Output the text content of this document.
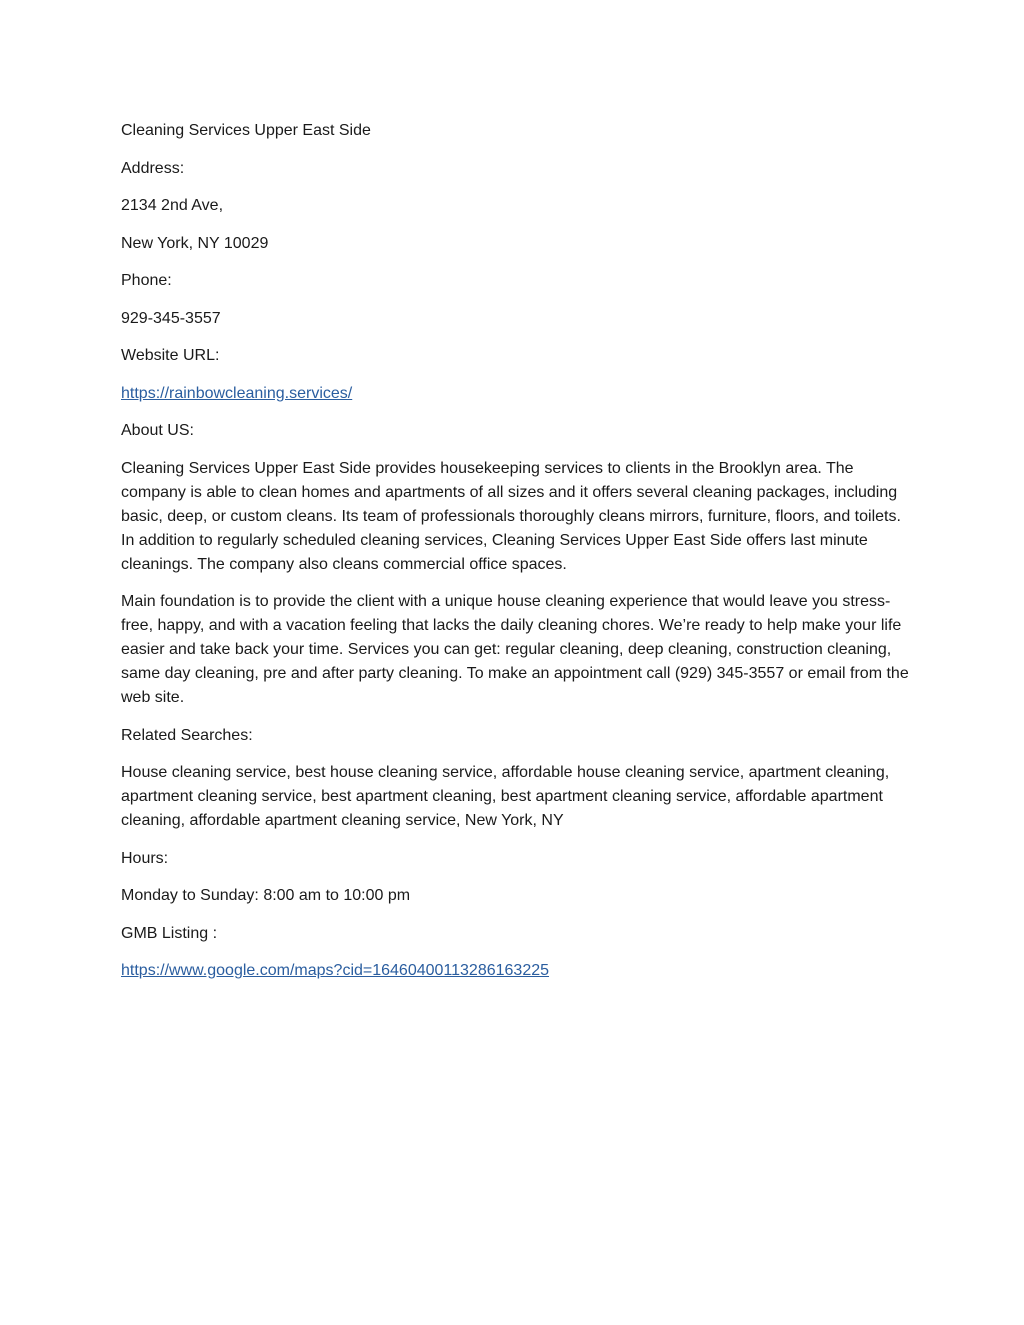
Cleaning Services Upper East Side

Address:

2134 2nd Ave,

New York, NY 10029

Phone:

929-345-3557

Website URL:

https://rainbowcleaning.services/

About US:

Cleaning Services Upper East Side provides housekeeping services to clients in the Brooklyn area. The company is able to clean homes and apartments of all sizes and it offers several cleaning packages, including basic, deep, or custom cleans. Its team of professionals thoroughly cleans mirrors, furniture, floors, and toilets. In addition to regularly scheduled cleaning services, Cleaning Services Upper East Side offers last minute cleanings. The company also cleans commercial office spaces.

Main foundation is to provide the client with a unique house cleaning experience that would leave you stress-free, happy, and with a vacation feeling that lacks the daily cleaning chores. We’re ready to help make your life easier and take back your time. Services you can get: regular cleaning, deep cleaning, construction cleaning, same day cleaning, pre and after party cleaning. To make an appointment call (929) 345-3557 or email from the web site.

Related Searches:

House cleaning service, best house cleaning service, affordable house cleaning service, apartment cleaning, apartment cleaning service, best apartment cleaning, best apartment cleaning service, affordable apartment cleaning, affordable apartment cleaning service, New York, NY

Hours:

Monday to Sunday: 8:00 am to 10:00 pm

GMB Listing :

https://www.google.com/maps?cid=16460400113286163225
